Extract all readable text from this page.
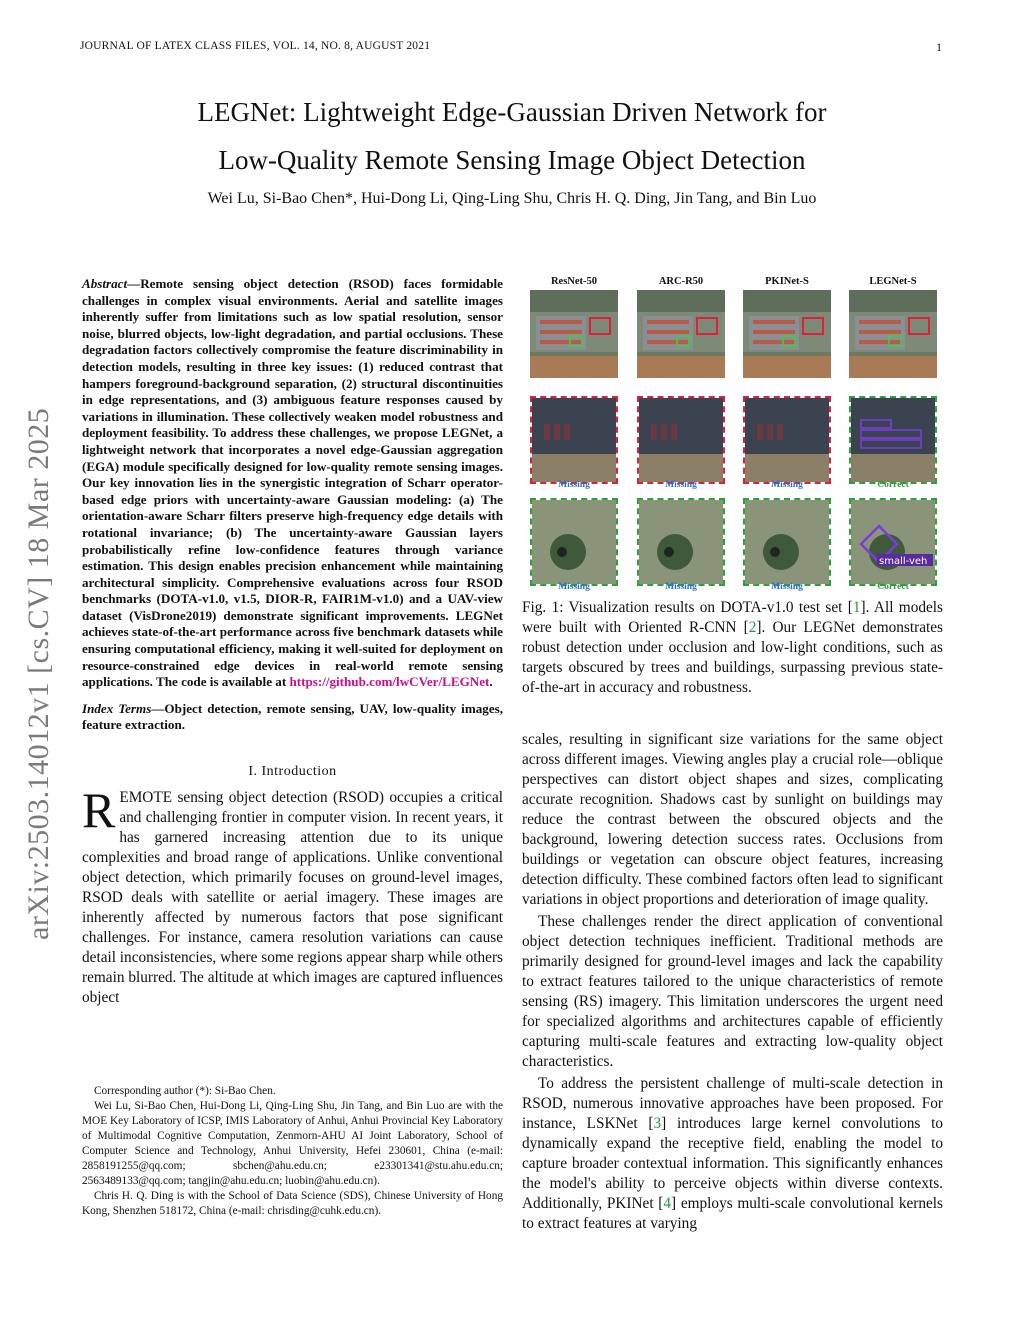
JOURNAL OF LATEX CLASS FILES, VOL. 14, NO. 8, AUGUST 2021	1
arXiv:2503.14012v1 [cs.CV] 18 Mar 2025
LEGNet: Lightweight Edge-Gaussian Driven Network for
Low-Quality Remote Sensing Image Object Detection
Wei Lu, Si-Bao Chen*, Hui-Dong Li, Qing-Ling Shu, Chris H. Q. Ding, Jin Tang, and Bin Luo

Abstract—Remote sensing object detection (RSOD) faces formidable challenges in complex visual environments. Aerial and satellite images inherently suffer from limitations such as low spatial resolution, sensor noise, blurred objects, low-light degradation, and partial occlusions. These degradation factors collectively compromise the feature discriminability in detection models, resulting in three key issues: (1) reduced contrast that hampers foreground-background separation, (2) structural discontinuities in edge representations, and (3) ambiguous feature responses caused by variations in illumination. These collectively weaken model robustness and deployment feasibility. To address these challenges, we propose LEGNet, a lightweight network that incorporates a novel edge-Gaussian aggregation (EGA) module specifically designed for low-quality remote sensing images. Our key innovation lies in the synergistic integration of Scharr operator-based edge priors with uncertainty-aware Gaussian modeling: (a) The orientation-aware Scharr filters preserve high-frequency edge details with rotational invariance; (b) The uncertainty-aware Gaussian layers probabilistically refine low-confidence features through variance estimation. This design enables precision enhancement while maintaining architectural simplicity. Comprehensive evaluations across four RSOD benchmarks (DOTA-v1.0, v1.5, DIOR-R, FAIR1M-v1.0) and a UAV-view dataset (VisDrone2019) demonstrate significant improvements. LEGNet achieves state-of-the-art performance across five benchmark datasets while ensuring computational efficiency, making it well-suited for deployment on resource-constrained edge devices in real-world remote sensing applications. The code is available at https://github.com/lwCVer/LEGNet.

Index Terms—Object detection, remote sensing, UAV, low-quality images, feature extraction.

I. Introduction

REMOTE sensing object detection (RSOD) occupies a critical and challenging frontier in computer vision. In recent years, it has garnered increasing attention due to its unique complexities and broad range of applications. Unlike conventional object detection, which primarily focuses on ground-level images, RSOD deals with satellite or aerial imagery. These images are inherently affected by numerous factors that pose significant challenges. For instance, camera resolution variations can cause detail inconsistencies, where some regions appear sharp while others remain blurred. The altitude at which images are captured influences object

Corresponding author (*): Si-Bao Chen.

Wei Lu, Si-Bao Chen, Hui-Dong Li, Qing-Ling Shu, Jin Tang, and Bin Luo are with the MOE Key Laboratory of ICSP, IMIS Laboratory of Anhui, Anhui Provincial Key Laboratory of Multimodal Cognitive Computation, Zenmorn-AHU AI Joint Laboratory, School of Computer Science and Technology, Anhui University, Hefei 230601, China (e-mail: 2858191255@qq.com; sbchen@ahu.edu.cn; e23301341@stu.ahu.edu.cn; 2563489133@qq.com; tangjin@ahu.edu.cn; luobin@ahu.edu.cn).

Chris H. Q. Ding is with the School of Data Science (SDS), Chinese University of Hong Kong, Shenzhen 518172, China (e-mail: chrisding@cuhk.edu.cn).

ResNet-50	ARC-R50	PKINet-S	LEGNet-S
Missing	Missing	Missing	Correct
small-veh
Missing	Missing	Missing	Correct

Fig. 1: Visualization results on DOTA-v1.0 test set [1]. All models were built with Oriented R-CNN [2]. Our LEGNet demonstrates robust detection under occlusion and low-light conditions, such as targets obscured by trees and buildings, surpassing previous state-of-the-art in accuracy and robustness.

scales, resulting in significant size variations for the same object across different images. Viewing angles play a crucial role—oblique perspectives can distort object shapes and sizes, complicating accurate recognition. Shadows cast by sunlight on buildings may reduce the contrast between the obscured objects and the background, lowering detection success rates. Occlusions from buildings or vegetation can obscure object features, increasing detection difficulty. These combined factors often lead to significant variations in object proportions and deterioration of image quality.

These challenges render the direct application of conventional object detection techniques inefficient. Traditional methods are primarily designed for ground-level images and lack the capability to extract features tailored to the unique characteristics of remote sensing (RS) imagery. This limitation underscores the urgent need for specialized algorithms and architectures capable of efficiently capturing multi-scale features and extracting low-quality object characteristics.

To address the persistent challenge of multi-scale detection in RSOD, numerous innovative approaches have been proposed. For instance, LSKNet [3] introduces large kernel convolutions to dynamically expand the receptive field, enabling the model to capture broader contextual information. This significantly enhances the model's ability to perceive objects within diverse contexts. Additionally, PKINet [4] employs multi-scale convolutional kernels to extract features at varying
